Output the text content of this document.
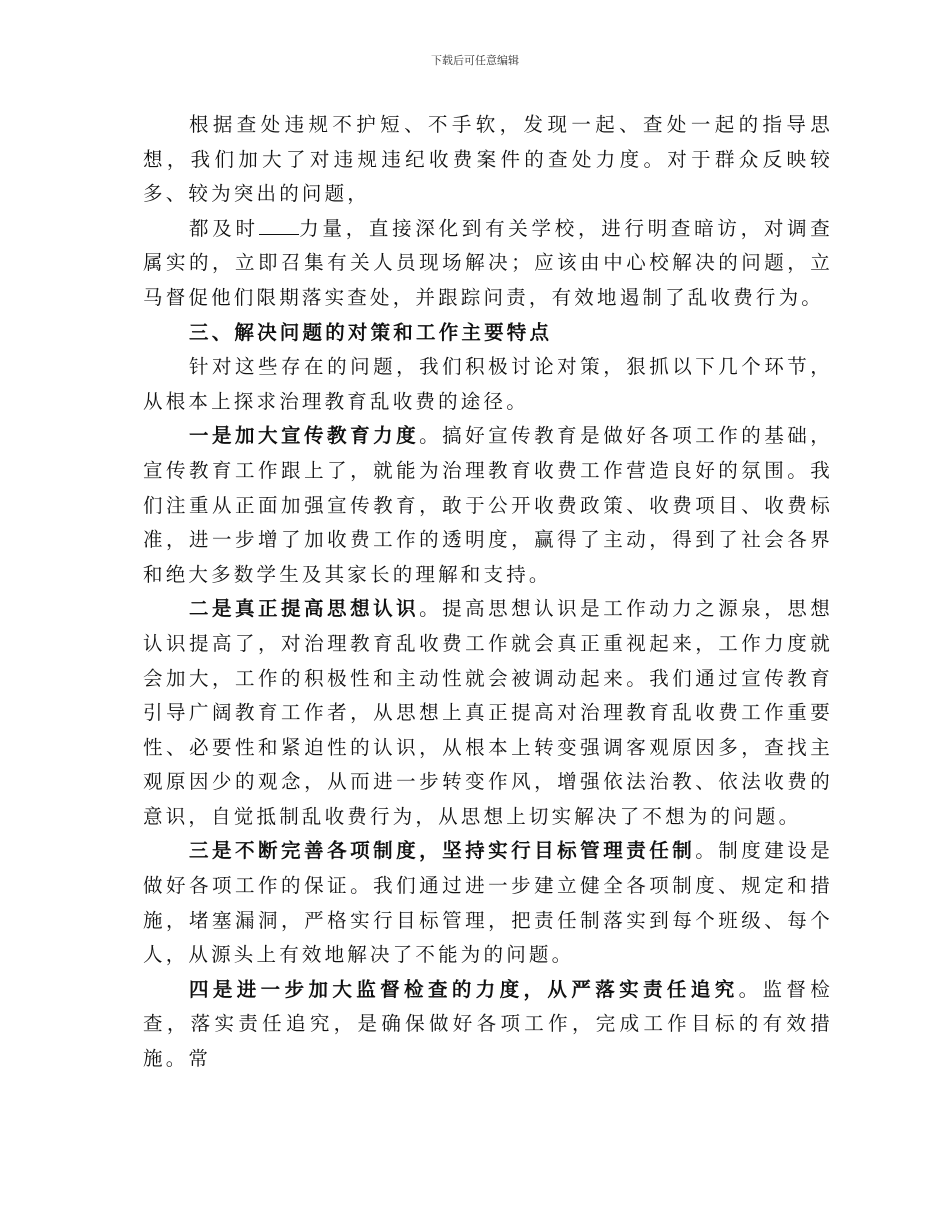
下载后可任意编辑

根据查处违规不护短、不手软，发现一起、查处一起的指导思想，我们加大了对违规违纪收费案件的查处力度。对于群众反映较多、较为突出的问题，

都及时 力量，直接深化到有关学校，进行明查暗访，对调查属实的，立即召集有关人员现场解决；应该由中心校解决的问题，立马督促他们限期落实查处，并跟踪问责，有效地遏制了乱收费行为。

三、解决问题的对策和工作主要特点

针对这些存在的问题，我们积极讨论对策，狠抓以下几个环节，从根本上探求治理教育乱收费的途径。

一是加大宣传教育力度。搞好宣传教育是做好各项工作的基础，宣传教育工作跟上了，就能为治理教育收费工作营造良好的氛围。我们注重从正面加强宣传教育，敢于公开收费政策、收费项目、收费标准，进一步增了加收费工作的透明度，赢得了主动，得到了社会各界和绝大多数学生及其家长的理解和支持。

二是真正提高思想认识。提高思想认识是工作动力之源泉，思想认识提高了，对治理教育乱收费工作就会真正重视起来，工作力度就会加大，工作的积极性和主动性就会被调动起来。我们通过宣传教育引导广阔教育工作者，从思想上真正提高对治理教育乱收费工作重要性、必要性和紧迫性的认识，从根本上转变强调客观原因多，查找主观原因少的观念，从而进一步转变作风，增强依法治教、依法收费的意识，自觉抵制乱收费行为，从思想上切实解决了不想为的问题。

三是不断完善各项制度，坚持实行目标管理责任制。制度建设是做好各项工作的保证。我们通过进一步建立健全各项制度、规定和措施，堵塞漏洞，严格实行目标管理，把责任制落实到每个班级、每个人，从源头上有效地解决了不能为的问题。

四是进一步加大监督检查的力度，从严落实责任追究。监督检查，落实责任追究，是确保做好各项工作，完成工作目标的有效措施。常
